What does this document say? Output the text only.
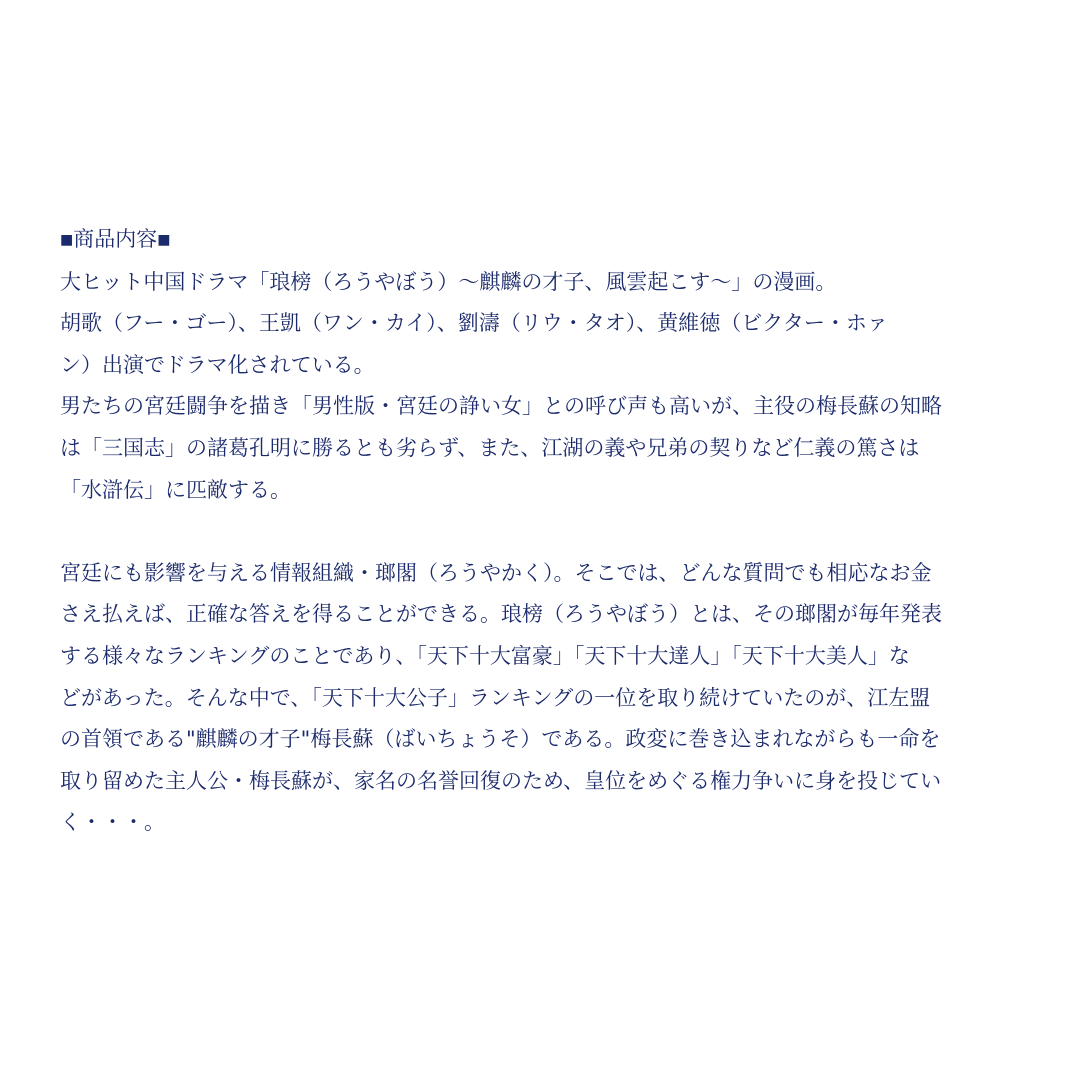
■商品内容■
大ヒット中国ドラマ「琅榜（ろうやぼう）～麒麟の才子、風雲起こす～」の漫画。
胡歌（フー・ゴー）、王凱（ワン・カイ）、劉濤（リウ・タオ）、黄維徳（ビクター・ホァ
ン）出演でドラマ化されている。
男たちの宮廷闘争を描き「男性版・宮廷の諍い女」との呼び声も高いが、主役の梅長蘇の知略
は「三国志」の諸葛孔明に勝るとも劣らず、また、江湖の義や兄弟の契りなど仁義の篤さは
「水滸伝」に匹敵する。
宮廷にも影響を与える情報組織・瑯閣（ろうやかく）。そこでは、どんな質問でも相応なお金
さえ払えば、正確な答えを得ることができる。琅榜（ろうやぼう）とは、その瑯閣が毎年発表
する様々なランキングのことであり、「天下十大富豪」「天下十大達人」「天下十大美人」な
どがあった。そんな中で、「天下十大公子」ランキングの一位を取り続けていたのが、江左盟
の首領である"麒麟の才子"梅長蘇（ばいちょうそ）である。政変に巻き込まれながらも一命を
取り留めた主人公・梅長蘇が、家名の名誉回復のため、皇位をめぐる権力争いに身を投じてい
く・・・。
